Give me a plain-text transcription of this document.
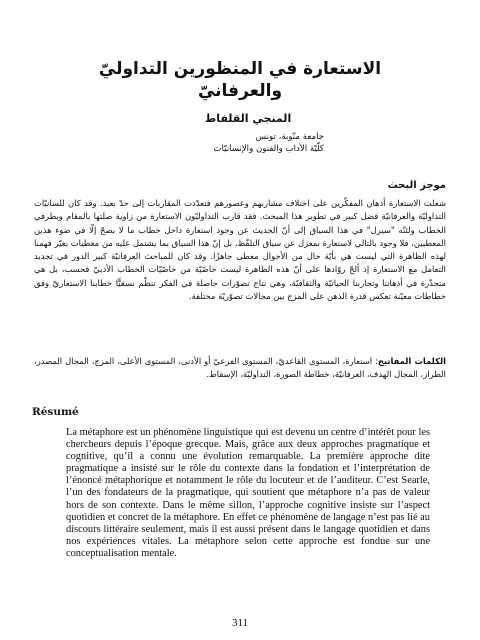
الاستعارة في المنظورين التداوليّ والعرفانيّ
المنجي القلفاط
جامعة منّوبة، تونس
كلّيّة الآداب والفنون والإنسانيّات
موجز البحث
شغلت الاستعارة أذهان المفكّرين على اختلاف مشاربهم وعصورهم فتعدّدت المقاربات إلى حدّ بعيد. وقد كان للسانيّات التداوليّة والعرفانيّة فضل كبير في تطوير هذا المبحث. فقد قارب التداوليّون الاستعارة من زاوية صلتها بالمقام وبطرفي الخطاب ولئنّه "سيرل" في هذا السياق إلى أنّ الحديث عن وجود استعارة داخل خطاب ما لا يصحّ إلّا في ضوء هذين المعطيين، فلا وجود بالتالي لاستعارة بمعزل عن سياق التلفّظ، بل إنّ هذا السياق بما يشتمل عليه من معطيات يغيّر فهمنا لهذه الظاهرة التي ليست هي بأيّة حال من الأحوال معطى جاهزًا. وقد كان للمباحث العرفانيّة كبير الدور في تجديد التعامل مع الاستعارة إذ ألحّ روّادها على أنّ هذه الظاهرة ليست خاصّيّة من خاصّيّات الخطاب الأدبيّ فحسب، بل هي متجذّرة في أذهاننا وتجاربنا الحياتيّة والثقافيّة، وهي نتاج تصوّرات حاصلة في الفكر تنظّم نسقيًّا خطابنا الاستعاريّ وفق خطاطات معيّنة تعكس قدرة الذهن على المزج بين مجالات تصوّريّة مختلفة.
الكلمات المفاتيح: استعارة، المستوى القاعديّ، المستوى الفرعيّ أو الأدنى، المستوى الأعلى، المزج، المجال المصدر، الطراز، المجال الهدف، العرفانيّة، خطاطة الصورة، التداوليّة، الإسقاط.
Résumé

La métaphore est un phénomène linguistique qui est devenu un centre d’intérêt pour les chercheurs depuis l’époque grecque. Mais, grâce aux deux approches pragmatique et cognitive, qu’il a connu une évolution remarquable. La première approche dite pragmatique a insisté sur le rôle du contexte dans la fondation et l’interprétation de l’énoncé métaphorique et notamment le rôle du locuteur et de l’auditeur. C’est Searle, l’un des fondateurs de la pragmatique, qui soutient que métaphore n’a pas de valeur hors de son contexte. Dans le même sillon, l’approche cognitive insiste sur l’aspect quotidien et concret de la métaphore. En effet ce phénomène de langage n’est pas lié au discours littéraire seulement, mais il est aussi présent dans le langage quotidien et dans nos expériences vitales. La métaphore selon cette approche est fondue sur une conceptualisation mentale.

311
